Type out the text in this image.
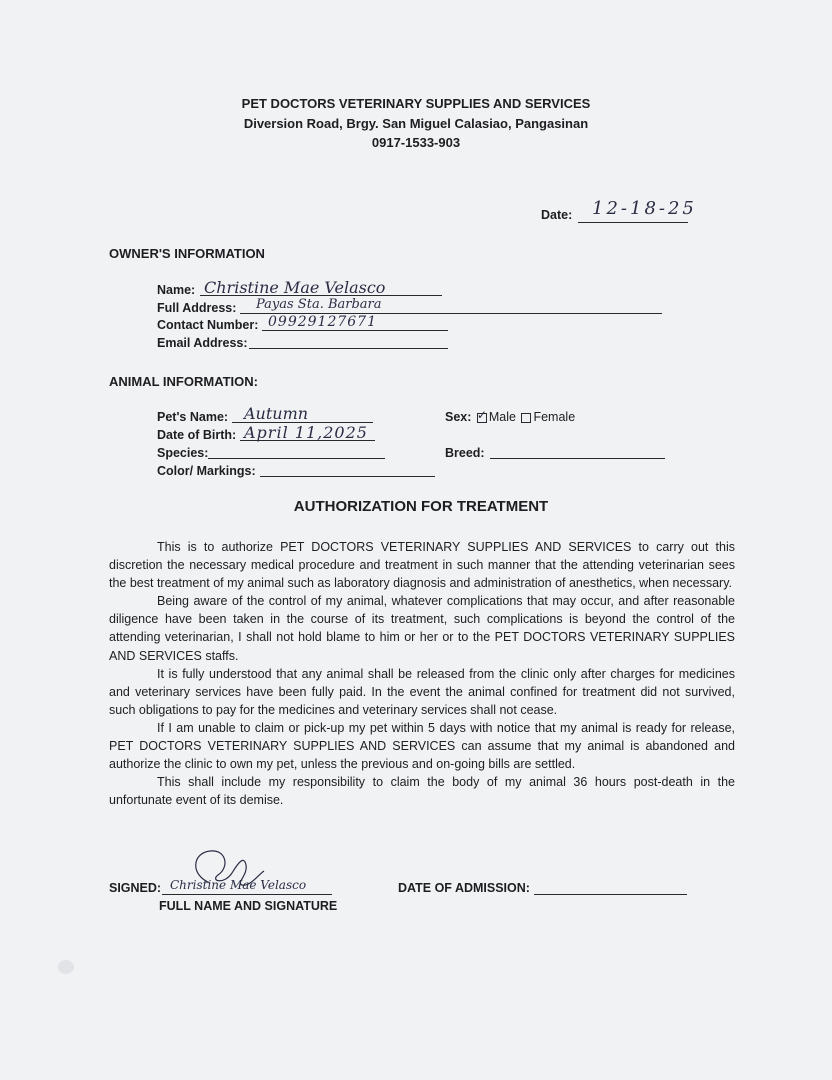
PET DOCTORS VETERINARY SUPPLIES AND SERVICES
Diversion Road, Brgy. San Miguel Calasiao, Pangasinan
0917-1533-903
Date: 12-18-25
OWNER'S INFORMATION
Name: Christine Mae Velasco
Full Address: Payas Sta. Barbara
Contact Number: 09929127671
Email Address:
ANIMAL INFORMATION:
Pet's Name: Autumn
Date of Birth: April 11,2025
Species:
Color/ Markings:
Sex: ✓ Male Female
Breed:
AUTHORIZATION FOR TREATMENT

This is to authorize PET DOCTORS VETERINARY SUPPLIES AND SERVICES to carry out this discretion the necessary medical procedure and treatment in such manner that the attending veterinarian sees the best treatment of my animal such as laboratory diagnosis and administration of anesthetics, when necessary.

Being aware of the control of my animal, whatever complications that may occur, and after reasonable diligence have been taken in the course of its treatment, such complications is beyond the control of the attending veterinarian, I shall not hold blame to him or her or to the PET DOCTORS VETERINARY SUPPLIES AND SERVICES staffs.

It is fully understood that any animal shall be released from the clinic only after charges for medicines and veterinary services have been fully paid. In the event the animal confined for treatment did not survived, such obligations to pay for the medicines and veterinary services shall not cease.

If I am unable to claim or pick-up my pet within 5 days with notice that my animal is ready for release, PET DOCTORS VETERINARY SUPPLIES AND SERVICES can assume that my animal is abandoned and authorize the clinic to own my pet, unless the previous and on-going bills are settled.

This shall include my responsibility to claim the body of my animal 36 hours post-death in the unfortunate event of its demise.

SIGNED: Christine Mae Velasco
FULL NAME AND SIGNATURE
DATE OF ADMISSION:
